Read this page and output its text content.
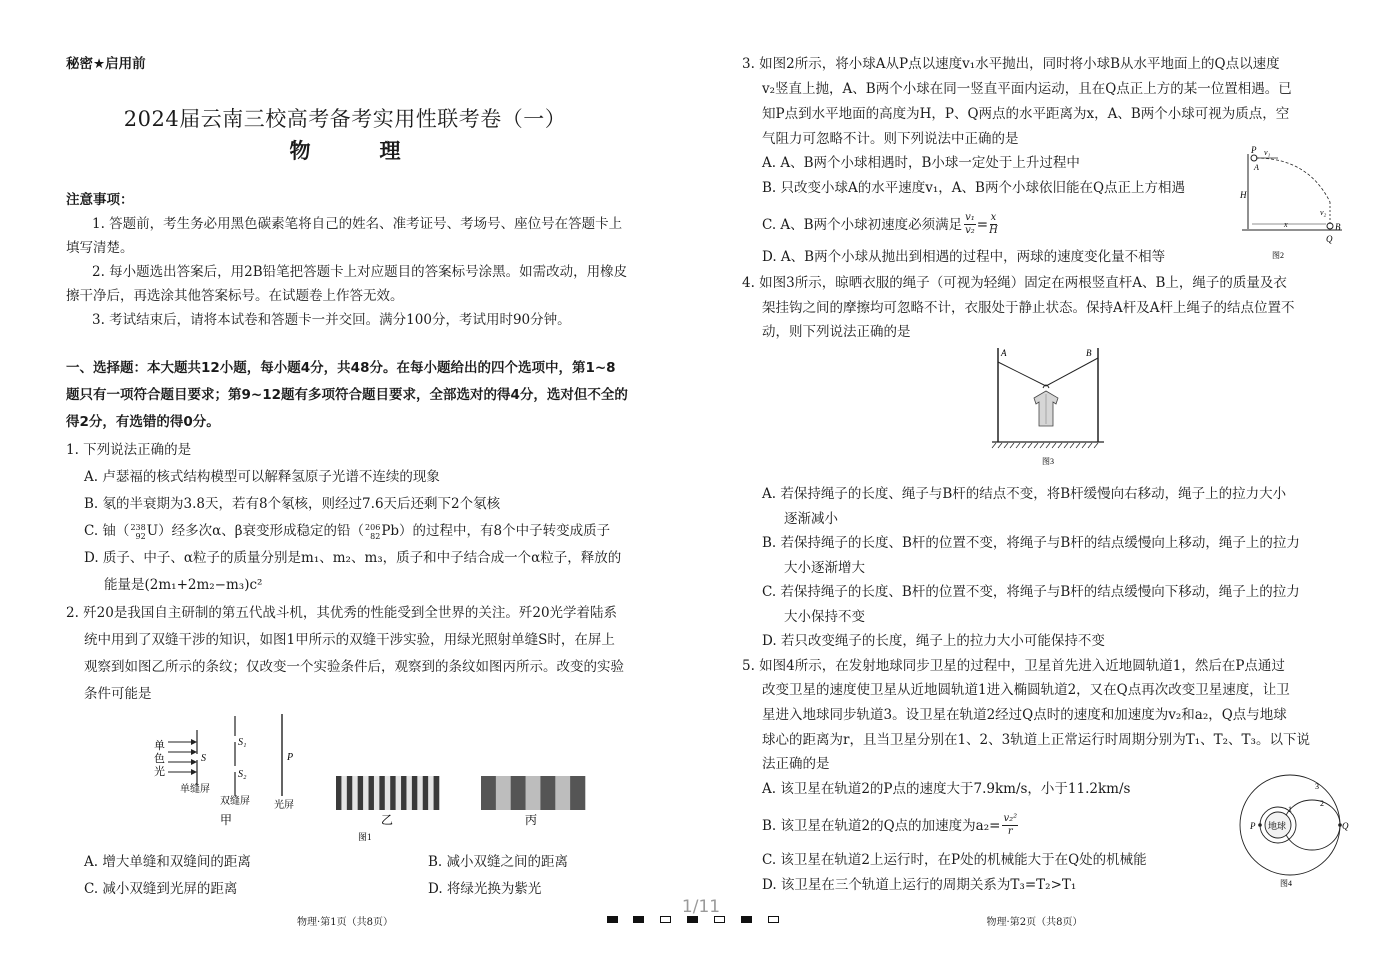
秘密★启用前
2024届云南三校高考备考实用性联考卷（一）
物　理
注意事项：
1. 答题前，考生务必用黑色碳素笔将自己的姓名、准考证号、考场号、座位号在答题卡上
填写清楚。
2. 每小题选出答案后，用2B铅笔把答题卡上对应题目的答案标号涂黑。如需改动，用橡皮
擦干净后，再选涂其他答案标号。在试题卷上作答无效。
3. 考试结束后，请将本试卷和答题卡一并交回。满分100分，考试用时90分钟。
一、选择题：本大题共12小题，每小题4分，共48分。在每小题给出的四个选项中，第1~8
题只有一项符合题目要求；第9~12题有多项符合题目要求，全部选对的得4分，选对但不全的
得2分，有选错的得0分。
1. 下列说法正确的是
A. 卢瑟福的核式结构模型可以解释氢原子光谱不连续的现象
B. 氡的半衰期为3.8天，若有8个氡核，则经过7.6天后还剩下2个氡核
C. 铀（238
92U）经多次α、β衰变形成稳定的铅（206
82Pb）的过程中，有8个中子转变成质子
D. 质子、中子、α粒子的质量分别是m₁、m₂、m₃，质子和中子结合成一个α粒子，释放的
能量是(2m₁+2m₂−m₃)c²
2. 歼20是我国自主研制的第五代战斗机，其优秀的性能受到全世界的关注。歼20光学着陆系
统中用到了双缝干涉的知识，如图1甲所示的双缝干涉实验，用绿光照射单缝S时，在屏上
观察到如图乙所示的条纹；仅改变一个实验条件后，观察到的条纹如图丙所示。改变的实验
条件可能是
单
色
光
S
单缝屏
S₁
S₂
双缝屏
P
光屏
甲	乙	丙
图1
A. 增大单缝和双缝间的距离	B. 减小双缝之间的距离
C. 减小双缝到光屏的距离	D. 将绿光换为紫光
物理·第1页（共8页）
3. 如图2所示，将小球A从P点以速度v₁水平抛出，同时将小球B从水平地面上的Q点以速度
v₂竖直上抛，A、B两个小球在同一竖直平面内运动，且在Q点正上方的某一位置相遇。已
知P点到水平地面的高度为H，P、Q两点的水平距离为x，A、B两个小球可视为质点，空
气阻力可忽略不计。则下列说法中正确的是
A. A、B两个小球相遇时，B小球一定处于上升过程中
B. 只改变小球A的水平速度v₁，A、B两个小球依旧能在Q点正上方相遇
C. A、B两个小球初速度必须满足 $\frac{\text{v₁}}{\text{v₂}} = \frac{x}{H}$
D. A、B两个小球从抛出到相遇的过程中，两球的速度变化量不相等
P
A
v₁
H
x
v₂
B
Q
图2
4. 如图3所示，晾晒衣服的绳子（可视为轻绳）固定在两根竖直杆A、B上，绳子的质量及衣
架挂钩之间的摩擦均可忽略不计，衣服处于静止状态。保持A杆及A杆上绳子的结点位置不
动，则下列说法正确的是
A	B
图3
A. 若保持绳子的长度、绳子与B杆的结点不变，将B杆缓慢向右移动，绳子上的拉力大小
逐渐减小
B. 若保持绳子的长度、B杆的位置不变，将绳子与B杆的结点缓慢向上移动，绳子上的拉力
大小逐渐增大
C. 若保持绳子的长度、B杆的位置不变，将绳子与B杆的结点缓慢向下移动，绳子上的拉力
大小保持不变
D. 若只改变绳子的长度，绳子上的拉力大小可能保持不变
5. 如图4所示，在发射地球同步卫星的过程中，卫星首先进入近地圆轨道1，然后在P点通过
改变卫星的速度使卫星从近地圆轨道1进入椭圆轨道2，又在Q点再次改变卫星速度，让卫
星进入地球同步轨道3。设卫星在轨道2经过Q点时的速度和加速度为v₂和a₂，Q点与地球
球心的距离为r，且当卫星分别在1、2、3轨道上正常运行时周期分别为T₁、T₂、T₃。以下说
法正确的是
A. 该卫星在轨道2的P点的速度大于7.9km/s，小于11.2km/s
B. 该卫星在轨道2的Q点的加速度为$a_2= \frac{\text{v₂²}}{r}$
C. 该卫星在轨道2上运行时，在P处的机械能大于在Q处的机械能
D. 该卫星在三个轨道上运行的周期关系为T₃=T₂>T₁
地球
P	Q
1
2
3
图4
物理·第2页（共8页）
1/11
